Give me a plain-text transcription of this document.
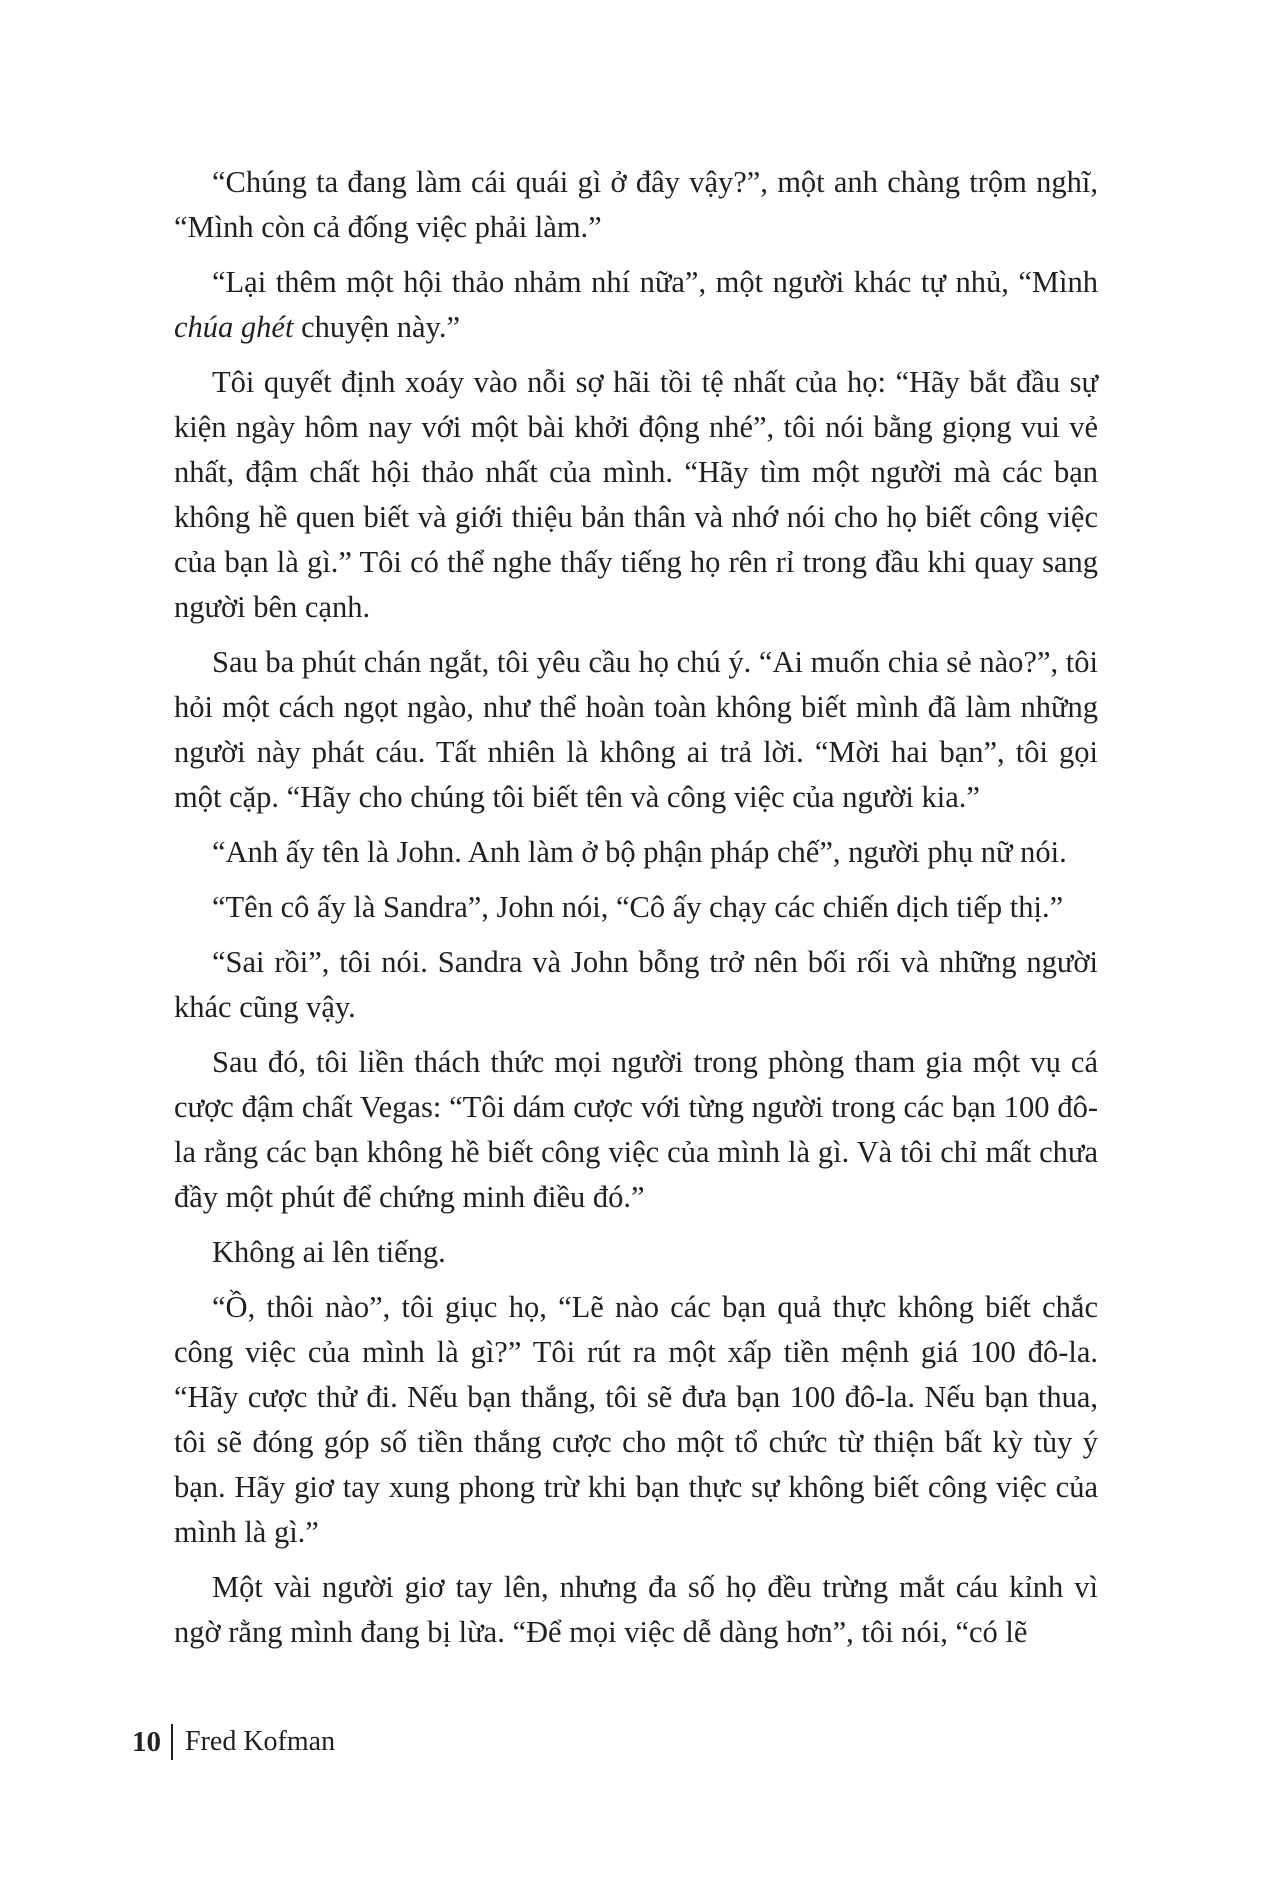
“Chúng ta đang làm cái quái gì ở đây vậy?”, một anh chàng trộm nghĩ, “Mình còn cả đống việc phải làm.”

“Lại thêm một hội thảo nhảm nhí nữa”, một người khác tự nhủ, “Mình chúa ghét chuyện này.”

Tôi quyết định xoáy vào nỗi sợ hãi tồi tệ nhất của họ: “Hãy bắt đầu sự kiện ngày hôm nay với một bài khởi động nhé”, tôi nói bằng giọng vui vẻ nhất, đậm chất hội thảo nhất của mình. “Hãy tìm một người mà các bạn không hề quen biết và giới thiệu bản thân và nhớ nói cho họ biết công việc của bạn là gì.” Tôi có thể nghe thấy tiếng họ rên rỉ trong đầu khi quay sang người bên cạnh.

Sau ba phút chán ngắt, tôi yêu cầu họ chú ý. “Ai muốn chia sẻ nào?”, tôi hỏi một cách ngọt ngào, như thể hoàn toàn không biết mình đã làm những người này phát cáu. Tất nhiên là không ai trả lời. “Mời hai bạn”, tôi gọi một cặp. “Hãy cho chúng tôi biết tên và công việc của người kia.”

“Anh ấy tên là John. Anh làm ở bộ phận pháp chế”, người phụ nữ nói.

“Tên cô ấy là Sandra”, John nói, “Cô ấy chạy các chiến dịch tiếp thị.”

“Sai rồi”, tôi nói. Sandra và John bỗng trở nên bối rối và những người khác cũng vậy.

Sau đó, tôi liền thách thức mọi người trong phòng tham gia một vụ cá cược đậm chất Vegas: “Tôi dám cược với từng người trong các bạn 100 đô-la rằng các bạn không hề biết công việc của mình là gì. Và tôi chỉ mất chưa đầy một phút để chứng minh điều đó.”

Không ai lên tiếng.

“Ồ, thôi nào”, tôi giục họ, “Lẽ nào các bạn quả thực không biết chắc công việc của mình là gì?” Tôi rút ra một xấp tiền mệnh giá 100 đô-la. “Hãy cược thử đi. Nếu bạn thắng, tôi sẽ đưa bạn 100 đô-la. Nếu bạn thua, tôi sẽ đóng góp số tiền thắng cược cho một tổ chức từ thiện bất kỳ tùy ý bạn. Hãy giơ tay xung phong trừ khi bạn thực sự không biết công việc của mình là gì.”

Một vài người giơ tay lên, nhưng đa số họ đều trừng mắt cáu kỉnh vì ngờ rằng mình đang bị lừa. “Để mọi việc dễ dàng hơn”, tôi nói, “có lẽ

10 Fred Kofman
